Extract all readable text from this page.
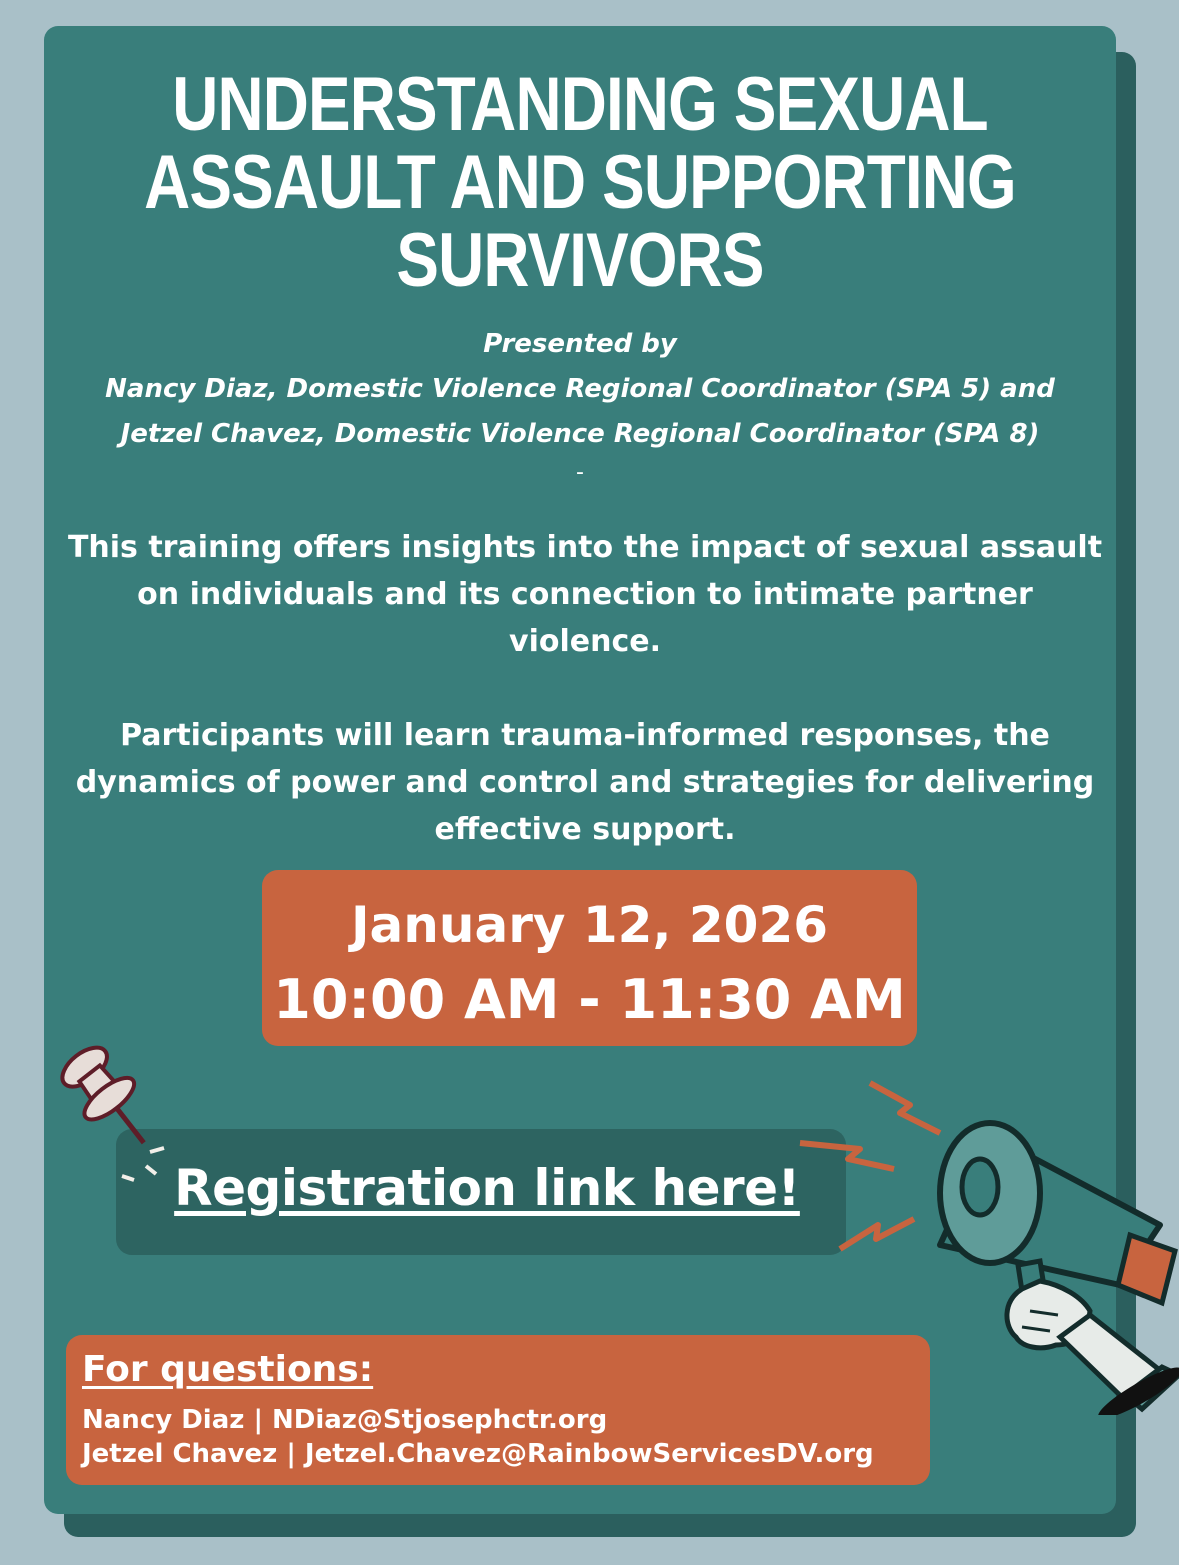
UNDERSTANDING SEXUAL
ASSAULT AND SUPPORTING
SURVIVORS
Presented by
Nancy Diaz, Domestic Violence Regional Coordinator (SPA 5) and
Jetzel Chavez, Domestic Violence Regional Coordinator (SPA 8)
-
This training offers insights into the impact of sexual assault on individuals and its connection to intimate partner violence.
Participants will learn trauma-informed responses, the dynamics of power and control and strategies for delivering effective support.
January 12, 2026
10:00 AM - 11:30 AM
Registration link here!
For questions:
Nancy Diaz | NDiaz@Stjosephctr.org
Jetzel Chavez | Jetzel.Chavez@RainbowServicesDV.org
